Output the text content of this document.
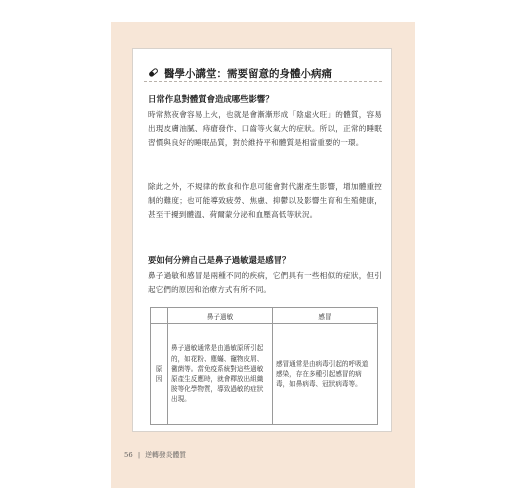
醫學小講堂：需要留意的身體小病痛
日常作息對體質會造成哪些影響？
時常熬夜會容易上火，也就是會漸漸形成「陰虛火旺」的體質，容易出現皮膚油膩、痔瘡發作、口齒等火氣大的症狀。所以，正常的睡眠習慣與良好的睡眠品質，對於維持平和體質是相當重要的一環。
除此之外，不規律的飲食和作息可能會對代謝產生影響，增加體重控制的難度；也可能導致疲勞、焦慮、抑鬱以及影響生育和生殖健康，甚至干擾到體溫、荷爾蒙分泌和血壓高低等狀況。
要如何分辨自己是鼻子過敏還是感冒？
鼻子過敏和感冒是兩種不同的疾病，它們具有一些相似的症狀，但引起它們的原因和治療方式有所不同。
	鼻子過敏	感冒
原因	鼻子過敏通常是由過敏原所引起的，如花粉、塵蟎、寵物皮屑、黴菌等。當免疫系統對這些過敏原產生反應時，就會釋放出組織胺等化學物質，導致過敏的症狀出現。	感冒通常是由病毒引起的呼吸道感染，存在多種引起感冒的病毒，如鼻病毒、冠狀病毒等。
56 | 逆轉發炎體質
